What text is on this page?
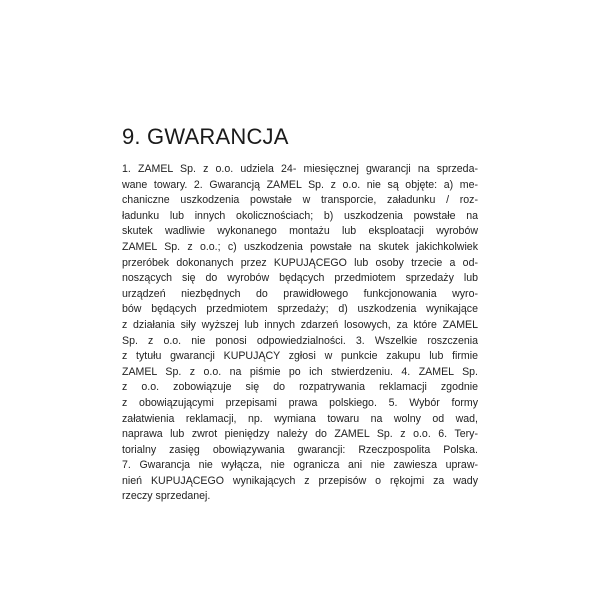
9. GWARANCJA
1. ZAMEL Sp. z o.o. udziela 24- miesięcznej gwarancji na sprzeda-
wane towary. 2. Gwarancją ZAMEL Sp. z o.o. nie są objęte: a) me-
chaniczne uszkodzenia powstałe w transporcie, załadunku / roz-
ładunku lub innych okolicznościach; b) uszkodzenia powstałe na
skutek wadliwie wykonanego montażu lub eksploatacji wyrobów
ZAMEL Sp. z o.o.; c) uszkodzenia powstałe na skutek jakichkolwiek
przeróbek dokonanych przez KUPUJĄCEGO lub osoby trzecie a od-
noszących się do wyrobów będących przedmiotem sprzedaży lub
urządzeń niezbędnych do prawidłowego funkcjonowania wyro-
bów będących przedmiotem sprzedaży; d) uszkodzenia wynikające
z działania siły wyższej lub innych zdarzeń losowych, za które ZAMEL
Sp. z o.o. nie ponosi odpowiedzialności. 3. Wszelkie roszczenia
z tytułu gwarancji KUPUJĄCY zgłosi w punkcie zakupu lub firmie
ZAMEL Sp. z o.o. na piśmie po ich stwierdzeniu. 4. ZAMEL Sp.
z o.o. zobowiązuje się do rozpatrywania reklamacji zgodnie
z obowiązującymi przepisami prawa polskiego. 5. Wybór formy
załatwienia reklamacji, np. wymiana towaru na wolny od wad,
naprawa lub zwrot pieniędzy należy do ZAMEL Sp. z o.o. 6. Tery-
torialny zasięg obowiązywania gwarancji: Rzeczpospolita Polska.
7. Gwarancja nie wyłącza, nie ogranicza ani nie zawiesza upraw-
nień KUPUJĄCEGO wynikających z przepisów o rękojmi za wady
rzeczy sprzedanej.
